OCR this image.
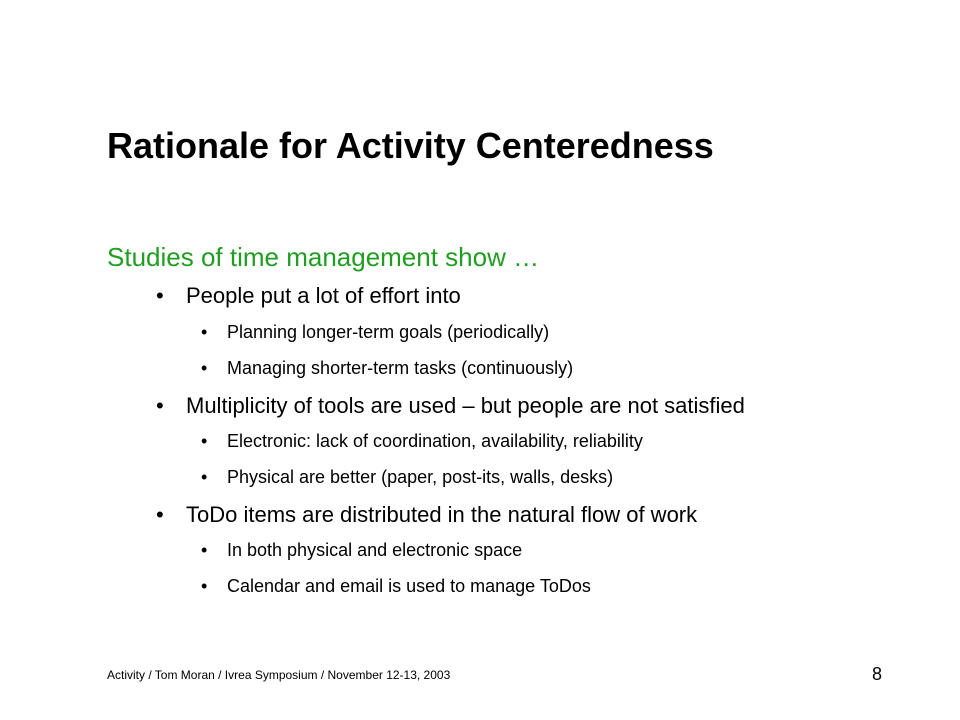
Rationale for Activity Centeredness
Studies of time management show …
• People put a lot of effort into
• Planning longer-term goals (periodically)
• Managing shorter-term tasks (continuously)
• Multiplicity of tools are used – but people are not satisfied
• Electronic: lack of coordination, availability, reliability
• Physical are better (paper, post-its, walls, desks)
• ToDo items are distributed in the natural flow of work
• In both physical and electronic space
• Calendar and email is used to manage ToDos
Activity / Tom Moran / Ivrea Symposium / November 12-13, 2003	8
